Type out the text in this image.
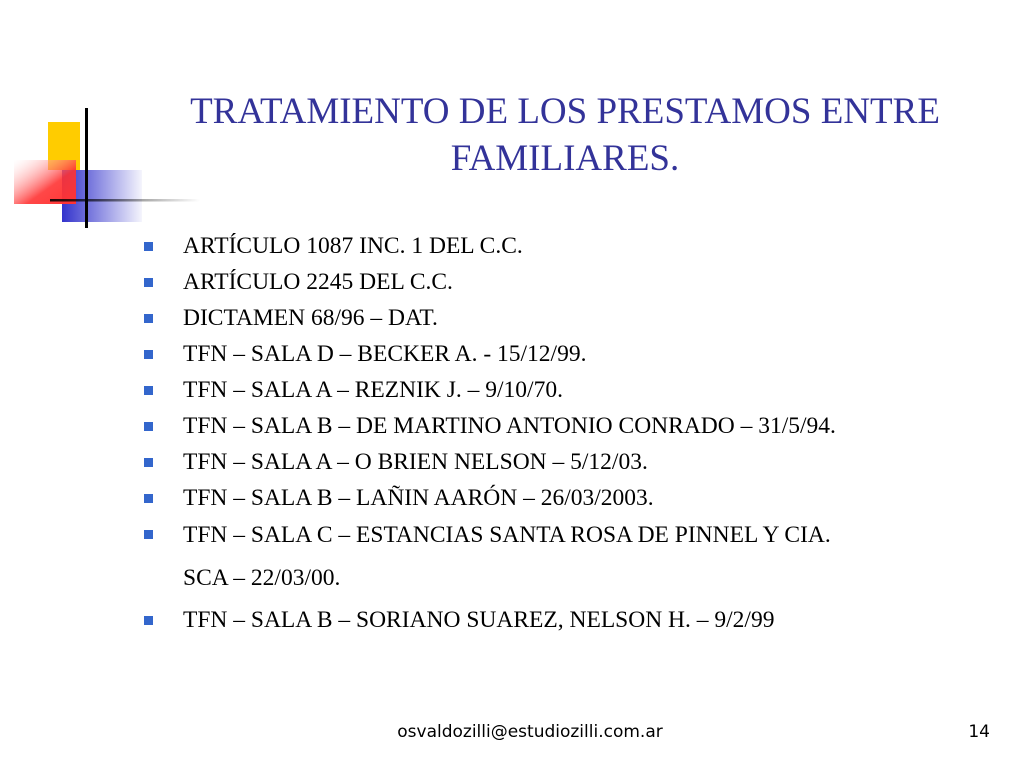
TRATAMIENTO DE LOS PRESTAMOS ENTRE
FAMILIARES.
ARTÍCULO 1087 INC. 1 DEL C.C.
ARTÍCULO 2245 DEL C.C.
DICTAMEN 68/96 – DAT.
TFN – SALA D – BECKER A. - 15/12/99.
TFN – SALA A – REZNIK J. – 9/10/70.
TFN – SALA B – DE MARTINO ANTONIO CONRADO – 31/5/94.
TFN – SALA A – O BRIEN NELSON – 5/12/03.
TFN – SALA B – LAÑIN AARÓN – 26/03/2003.
TFN – SALA C – ESTANCIAS SANTA ROSA DE PINNEL Y CIA.
SCA – 22/03/00.
TFN – SALA B – SORIANO SUAREZ, NELSON H. – 9/2/99
osvaldozilli@estudiozilli.com.ar	14
